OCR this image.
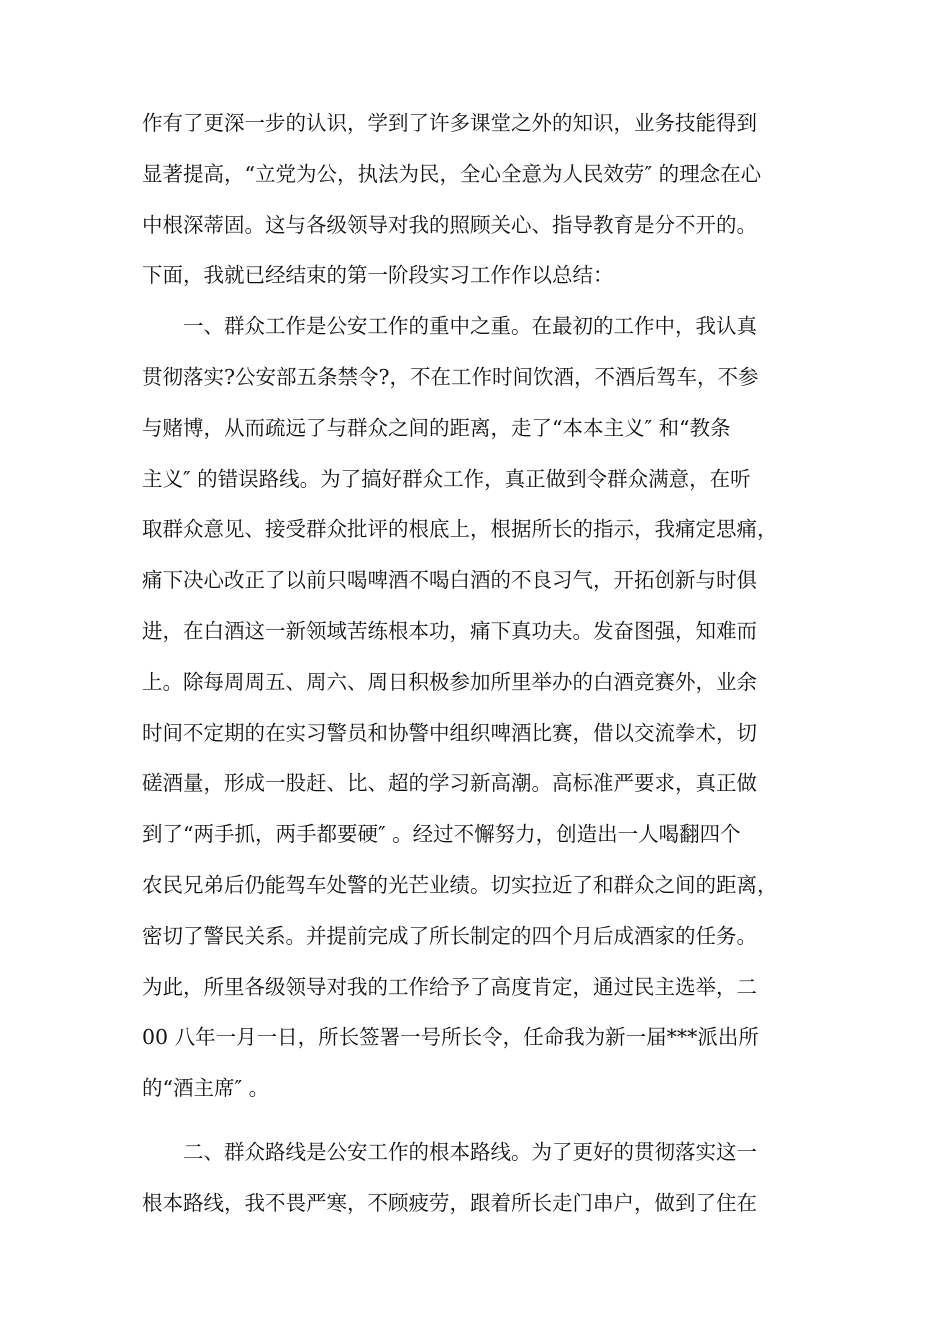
作有了更深一步的认识，学到了许多课堂之外的知识，业务技能得到
显著提高，“立党为公，执法为民，全心全意为人民效劳″ 的理念在心
中根深蒂固。这与各级领导对我的照顾关心、指导教育是分不开的。
下面，我就已经结束的第一阶段实习工作作以总结：
一、群众工作是公安工作的重中之重。在最初的工作中，我认真
贯彻落实?公安部五条禁令?，不在工作时间饮酒，不酒后驾车，不参
与赌博，从而疏远了与群众之间的距离，走了“本本主义″ 和“教条
主义″ 的错误路线。为了搞好群众工作，真正做到令群众满意，在听
取群众意见、接受群众批评的根底上，根据所长的指示，我痛定思痛，
痛下决心改正了以前只喝啤酒不喝白酒的不良习气，开拓创新与时俱
进，在白酒这一新领域苦练根本功，痛下真功夫。发奋图强，知难而
上。除每周周五、周六、周日积极参加所里举办的白酒竞赛外，业余
时间不定期的在实习警员和协警中组织啤酒比赛，借以交流拳术，切
磋酒量，形成一股赶、比、超的学习新高潮。高标准严要求，真正做
到了“两手抓，两手都要硬″ 。经过不懈努力，创造出一人喝翻四个
农民兄弟后仍能驾车处警的光芒业绩。切实拉近了和群众之间的距离，
密切了警民关系。并提前完成了所长制定的四个月后成酒家的任务。
为此，所里各级领导对我的工作给予了高度肯定，通过民主选举，二
00 八年一月一日，所长签署一号所长令，任命我为新一届***派出所
的“酒主席″ 。
二、群众路线是公安工作的根本路线。为了更好的贯彻落实这一
根本路线，我不畏严寒，不顾疲劳，跟着所长走门串户，做到了住在
